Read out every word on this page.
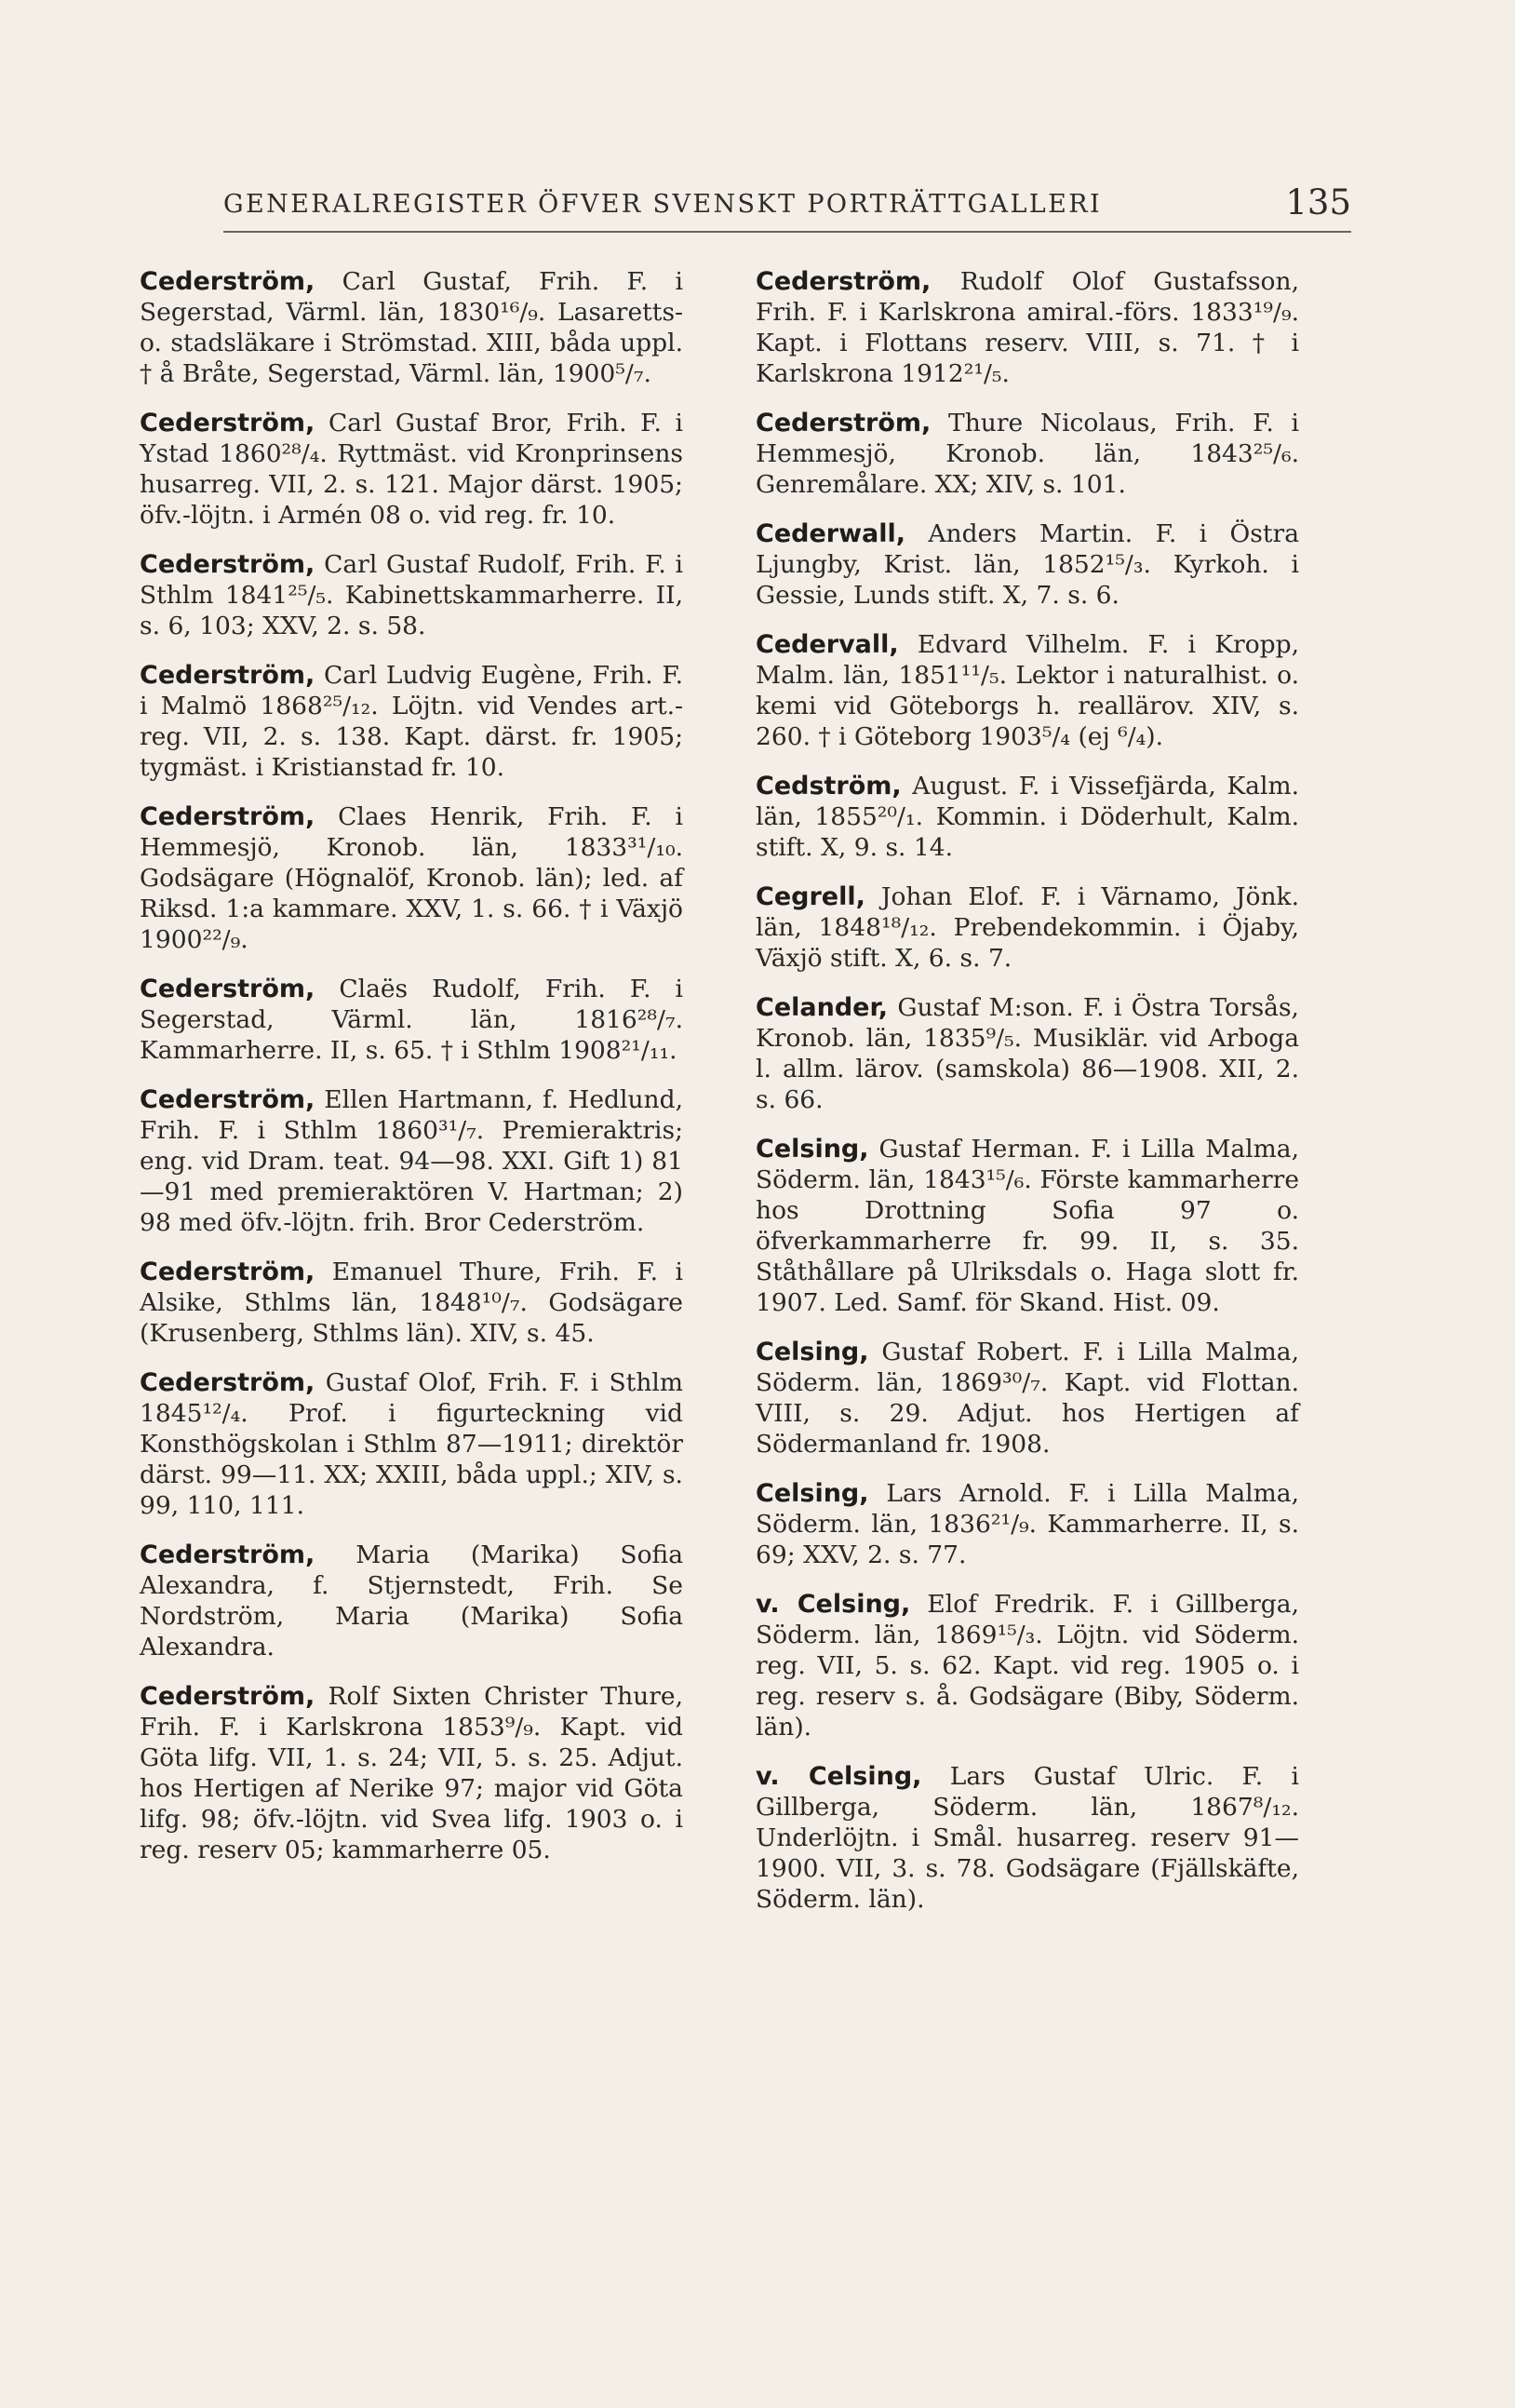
GENERALREGISTER ÖFVER SVENSKT PORTRÄTTGALLERI	135

Cederström, Carl Gustaf, Frih. F. i Segerstad, Värml. län, 1830¹⁶/₉. Lasaretts- o. stadsläkare i Strömstad. XIII, båda uppl. † å Bråte, Segerstad, Värml. län, 1900⁵/₇.

Cederström, Carl Gustaf Bror, Frih. F. i Ystad 1860²⁸/₄. Ryttmäst. vid Kronprinsens husarreg. VII, 2. s. 121. Major därst. 1905; öfv.-löjtn. i Armén 08 o. vid reg. fr. 10.

Cederström, Carl Gustaf Rudolf, Frih. F. i Sthlm 1841²⁵/₅. Kabinettskammarherre. II, s. 6, 103; XXV, 2. s. 58.

Cederström, Carl Ludvig Eugène, Frih. F. i Malmö 1868²⁵/₁₂. Löjtn. vid Vendes art.-reg. VII, 2. s. 138. Kapt. därst. fr. 1905; tygmäst. i Kristianstad fr. 10.

Cederström, Claes Henrik, Frih. F. i Hemmesjö, Kronob. län, 1833³¹/₁₀. Godsägare (Högnalöf, Kronob. län); led. af Riksd. 1:a kammare. XXV, 1. s. 66. † i Växjö 1900²²/₉.

Cederström, Claës Rudolf, Frih. F. i Segerstad, Värml. län, 1816²⁸/₇. Kammarherre. II, s. 65. † i Sthlm 1908²¹/₁₁.

Cederström, Ellen Hartmann, f. Hedlund, Frih. F. i Sthlm 1860³¹/₇. Premieraktris; eng. vid Dram. teat. 94—98. XXI. Gift 1) 81—91 med premieraktören V. Hartman; 2) 98 med öfv.-löjtn. frih. Bror Cederström.

Cederström, Emanuel Thure, Frih. F. i Alsike, Sthlms län, 1848¹⁰/₇. Godsägare (Krusenberg, Sthlms län). XIV, s. 45.

Cederström, Gustaf Olof, Frih. F. i Sthlm 1845¹²/₄. Prof. i figurteckning vid Konsthögskolan i Sthlm 87—1911; direktör därst. 99—11. XX; XXIII, båda uppl.; XIV, s. 99, 110, 111.

Cederström, Maria (Marika) Sofia Alexandra, f. Stjernstedt, Frih. Se Nordström, Maria (Marika) Sofia Alexandra.

Cederström, Rolf Sixten Christer Thure, Frih. F. i Karlskrona 1853⁹/₉. Kapt. vid Göta lifg. VII, 1. s. 24; VII, 5. s. 25. Adjut. hos Hertigen af Nerike 97; major vid Göta lifg. 98; öfv.-löjtn. vid Svea lifg. 1903 o. i reg. reserv 05; kammarherre 05.

Cederström, Rudolf Olof Gustafsson, Frih. F. i Karlskrona amiral.-förs. 1833¹⁹/₉. Kapt. i Flottans reserv. VIII, s. 71. † i Karlskrona 1912²¹/₅.

Cederström, Thure Nicolaus, Frih. F. i Hemmesjö, Kronob. län, 1843²⁵/₆. Genremålare. XX; XIV, s. 101.

Cederwall, Anders Martin. F. i Östra Ljungby, Krist. län, 1852¹⁵/₃. Kyrkoh. i Gessie, Lunds stift. X, 7. s. 6.

Cedervall, Edvard Vilhelm. F. i Kropp, Malm. län, 1851¹¹/₅. Lektor i naturalhist. o. kemi vid Göteborgs h. reallärov. XIV, s. 260. † i Göteborg 1903⁵/₄ (ej ⁶/₄).

Cedström, August. F. i Vissefjärda, Kalm. län, 1855²⁰/₁. Kommin. i Döderhult, Kalm. stift. X, 9. s. 14.

Cegrell, Johan Elof. F. i Värnamo, Jönk. län, 1848¹⁸/₁₂. Prebendekommin. i Öjaby, Växjö stift. X, 6. s. 7.

Celander, Gustaf M:son. F. i Östra Torsås, Kronob. län, 1835⁹/₅. Musiklär. vid Arboga l. allm. lärov. (samskola) 86—1908. XII, 2. s. 66.

Celsing, Gustaf Herman. F. i Lilla Malma, Söderm. län, 1843¹⁵/₆. Förste kammarherre hos Drottning Sofia 97 o. öfverkammarherre fr. 99. II, s. 35. Ståthållare på Ulriksdals o. Haga slott fr. 1907. Led. Samf. för Skand. Hist. 09.

Celsing, Gustaf Robert. F. i Lilla Malma, Söderm. län, 1869³⁰/₇. Kapt. vid Flottan. VIII, s. 29. Adjut. hos Hertigen af Södermanland fr. 1908.

Celsing, Lars Arnold. F. i Lilla Malma, Söderm. län, 1836²¹/₉. Kammarherre. II, s. 69; XXV, 2. s. 77.

v. Celsing, Elof Fredrik. F. i Gillberga, Söderm. län, 1869¹⁵/₃. Löjtn. vid Söderm. reg. VII, 5. s. 62. Kapt. vid reg. 1905 o. i reg. reserv s. å. Godsägare (Biby, Söderm. län).

v. Celsing, Lars Gustaf Ulric. F. i Gillberga, Söderm. län, 1867⁸/₁₂. Underlöjtn. i Smål. husarreg. reserv 91—1900. VII, 3. s. 78. Godsägare (Fjällskäfte, Söderm. län).
